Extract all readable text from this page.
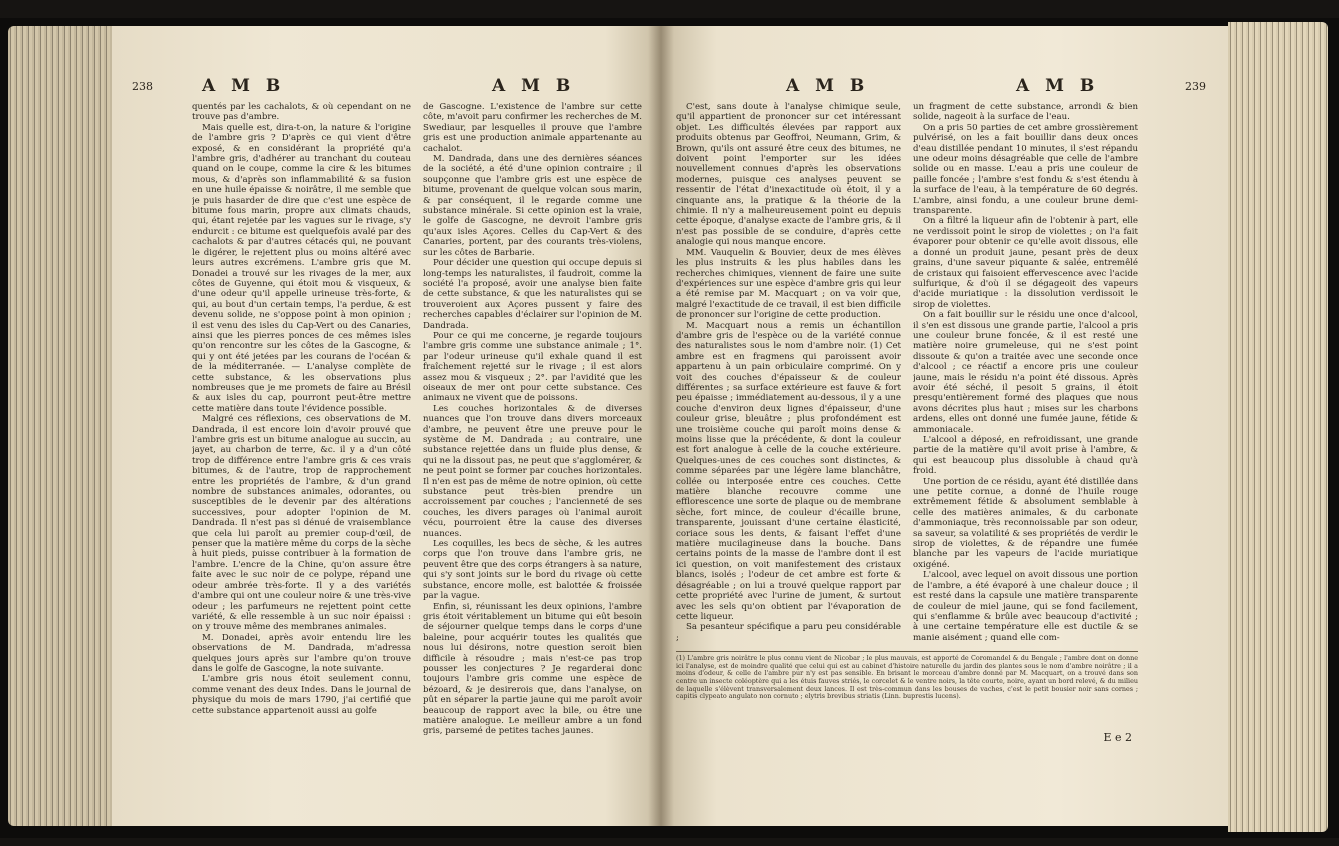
238	A M B	A M B

quentés par les cachalots, & où cependant on ne trouve pas d'ambre.

Mais quelle est, dira-t-on, la nature & l'origine de l'ambre gris ? D'après ce qui vient d'être exposé, & en considérant la propriété qu'a l'ambre gris, d'adhérer au tranchant du couteau quand on le coupe, comme la cire & les bitumes mous, & d'après son inflammabilité & sa fusion en une huile épaisse & noirâtre, il me semble que je puis hasarder de dire que c'est une espèce de bitume fous marin, propre aux climats chauds, qui, étant rejetée par les vagues sur le rivage, s'y endurcit : ce bitume est quelquefois avalé par des cachalots & par d'autres cétacés qui, ne pouvant le digérer, le rejettent plus ou moins altéré avec leurs autres excrémens. L'ambre gris que M. Donadei a trouvé sur les rivages de la mer, aux côtes de Guyenne, qui étoit mou & visqueux, & d'une odeur qu'il appelle urineuse très-forte, & qui, au bout d'un certain temps, l'a perdue, & est devenu solide, ne s'oppose point à mon opinion ; il est venu des isles du Cap-Vert ou des Canaries, ainsi que les pierres ponces de ces mêmes isles qu'on rencontre sur les côtes de la Gascogne, & qui y ont été jetées par les courans de l'océan & de la méditerranée. — L'analyse complète de cette substance, & les observations plus nombreuses que je me promets de faire au Brésil & aux isles du cap, pourront peut-être mettre cette matière dans toute l'évidence possible.

Malgré ces réflexions, ces observations de M. Dandrada, il est encore loin d'avoir prouvé que l'ambre gris est un bitume analogue au succin, au jayet, au charbon de terre, &c. il y a d'un côté trop de différence entre l'ambre gris & ces vrais bitumes, & de l'autre, trop de rapprochement entre les propriétés de l'ambre, & d'un grand nombre de substances animales, odorantes, ou susceptibles de le devenir par des altérations successives, pour adopter l'opinion de M. Dandrada. Il n'est pas si dénué de vraisemblance que cela lui paroît au premier coup-d'œil, de penser que la matière même du corps de la sèche à huit pieds, puisse contribuer à la formation de l'ambre. L'encre de la Chine, qu'on assure être faite avec le suc noir de ce polype, répand une odeur ambrée très-forte. Il y a des variétés d'ambre qui ont une couleur noire & une très-vive odeur ; les parfumeurs ne rejettent point cette variété, & elle ressemble à un suc noir épaissi : on y trouve même des membranes animales.

M. Donadei, après avoir entendu lire les observations de M. Dandrada, m'adressa quelques jours après sur l'ambre qu'on trouve dans le golfe de Gascogne, la note suivante.

L'ambre gris nous étoit seulement connu, comme venant des deux Indes. Dans le journal de physique du mois de mars 1790, j'ai certifié que cette substance appartenoit aussi au golfe

de Gascogne. L'existence de l'ambre sur cette côte, m'avoit paru confirmer les recherches de M. Swediaur, par lesquelles il prouve que l'ambre gris est une production animale appartenante au cachalot.

M. Dandrada, dans une des dernières séances de la société, a été d'une opinion contraire ; il soupçonne que l'ambre gris est une espèce de bitume, provenant de quelque volcan sous marin, & par conséquent, il le regarde comme une substance minérale. Si cette opinion est la vraie, le golfe de Gascogne, ne devroit l'ambre gris qu'aux isles Açores. Celles du Cap-Vert & des Canaries, portent, par des courants très-violens, sur les côtes de Barbarie.

Pour décider une question qui occupe depuis si long-temps les naturalistes, il faudroit, comme la société l'a proposé, avoir une analyse bien faite de cette substance, & que les naturalistes qui se trouveroient aux Açores pussent y faire des recherches capables d'éclairer sur l'opinion de M. Dandrada.

Pour ce qui me concerne, je regarde toujours l'ambre gris comme une substance animale ; 1°. par l'odeur urineuse qu'il exhale quand il est fraîchement rejetté sur le rivage ; il est alors assez mou & visqueux ; 2°. par l'avidité que les oiseaux de mer ont pour cette substance. Ces animaux ne vivent que de poissons.

Les couches horizontales & de diverses nuances que l'on trouve dans divers morceaux d'ambre, ne peuvent être une preuve pour le système de M. Dandrada ; au contraire, une substance rejettée dans un fluide plus dense, & qui ne la dissout pas, ne peut que s'agglomérer, & ne peut point se former par couches horizontales. Il n'en est pas de même de notre opinion, où cette substance peut très-bien prendre un accroissement par couches ; l'ancienneté de ses couches, les divers parages où l'animal auroit vécu, pourroient être la cause des diverses nuances.

Les coquilles, les becs de sèche, & les autres corps que l'on trouve dans l'ambre gris, ne peuvent être que des corps étrangers à sa nature, qui s'y sont joints sur le bord du rivage où cette substance, encore molle, est balottée & froissée par la vague.

Enfin, si, réunissant les deux opinions, l'ambre gris étoit véritablement un bitume qui eût besoin de séjourner quelque temps dans le corps d'une baleine, pour acquérir toutes les qualités que nous lui désirons, notre question seroit bien difficile à résoudre ; mais n'est-ce pas trop pousser les conjectures ? Je regarderai donc toujours l'ambre gris comme une espèce de bézoard, & je desirerois que, dans l'analyse, on pût en séparer la partie jaune qui me paroît avoir beaucoup de rapport avec la bile, ou être une matière analogue. Le meilleur ambre a un fond gris, parsemé de petites taches jaunes.

A M B	A M B	239

C'est, sans doute à l'analyse chimique seule, qu'il appartient de prononcer sur cet intéressant objet. Les difficultés élevées par rapport aux produits obtenus par Geoffroi, Neumann, Grim, & Brown, qu'ils ont assuré être ceux des bitumes, ne doivent point l'emporter sur les idées nouvellement connues d'après les observations modernes, puisque ces analyses peuvent se ressentir de l'état d'inexactitude où étoit, il y a cinquante ans, la pratique & la théorie de la chimie. Il n'y a malheureusement point eu depuis cette époque, d'analyse exacte de l'ambre gris, & il n'est pas possible de se conduire, d'après cette analogie qui nous manque encore.

MM. Vauquelin & Bouvier, deux de mes élèves les plus instruits & les plus habiles dans les recherches chimiques, viennent de faire une suite d'expériences sur une espèce d'ambre gris qui leur a été remise par M. Macquart ; on va voir que, malgré l'exactitude de ce travail, il est bien difficile de prononcer sur l'origine de cette production.

M. Macquart nous a remis un échantillon d'ambre gris de l'espèce ou de la variété connue des naturalistes sous le nom d'ambre noir. (1) Cet ambre est en fragmens qui paroissent avoir appartenu à un pain orbiculaire comprimé. On y voit des couches d'épaisseur & de couleur différentes ; sa surface extérieure est fauve & fort peu épaisse ; immédiatement au-dessous, il y a une couche d'environ deux lignes d'épaisseur, d'une couleur grise, bleuâtre ; plus profondément est une troisième couche qui paroît moins dense & moins lisse que la précédente, & dont la couleur est fort analogue à celle de la couche extérieure. Quelques-unes de ces couches sont distinctes, & comme séparées par une légère lame blanchâtre, collée ou interposée entre ces couches. Cette matière blanche recouvre comme une efflorescence une sorte de plaque ou de membrane sèche, fort mince, de couleur d'écaille brune, transparente, jouissant d'une certaine élasticité, coriace sous les dents, & faisant l'effet d'une matière mucilagineuse dans la bouche. Dans certains points de la masse de l'ambre dont il est ici question, on voit manifestement des cristaux blancs, isolés ; l'odeur de cet ambre est forte & désagréable ; on lui a trouvé quelque rapport par cette propriété avec l'urine de jument, & surtout avec les sels qu'on obtient par l'évaporation de cette liqueur.

Sa pesanteur spécifique a paru peu considérable ;

un fragment de cette substance, arrondi & bien solide, nageoit à la surface de l'eau.

On a pris 50 parties de cet ambre grossièrement pulvérisé, on les a fait bouillir dans deux onces d'eau distillée pendant 10 minutes, il s'est répandu une odeur moins désagréable que celle de l'ambre solide ou en masse. L'eau a pris une couleur de paille foncée ; l'ambre s'est fondu & s'est étendu à la surface de l'eau, à la température de 60 degrés. L'ambre, ainsi fondu, a une couleur brune demi-transparente.

On a filtré la liqueur afin de l'obtenir à part, elle ne verdissoit point le sirop de violettes ; on l'a fait évaporer pour obtenir ce qu'elle avoit dissous, elle a donné un produit jaune, pesant près de deux grains, d'une saveur piquante & salée, entremêlé de cristaux qui faisoient effervescence avec l'acide sulfurique, & d'où il se dégageoit des vapeurs d'acide muriatique : la dissolution verdissoit le sirop de violettes.

On a fait bouillir sur le résidu une once d'alcool, il s'en est dissous une grande partie, l'alcool a pris une couleur brune foncée, & il est resté une matière noire grumeleuse, qui ne s'est point dissoute & qu'on a traitée avec une seconde once d'alcool ; ce réactif a encore pris une couleur jaune, mais le résidu n'a point été dissous. Après avoir été séché, il pesoit 5 grains, il étoit presqu'entièrement formé des plaques que nous avons décrites plus haut ; mises sur les charbons ardens, elles ont donné une fumée jaune, fétide & ammoniacale.

L'alcool a déposé, en refroidissant, une grande partie de la matière qu'il avoit prise à l'ambre, & qui est beaucoup plus dissoluble à chaud qu'à froid.

Une portion de ce résidu, ayant été distillée dans une petite cornue, a donné de l'huile rouge extrêmement fétide & absolument semblable à celle des matières animales, & du carbonate d'ammoniaque, très reconnoissable par son odeur, sa saveur, sa volatilité & ses propriétés de verdir le sirop de violettes, & de répandre une fumée blanche par les vapeurs de l'acide muriatique oxigéné.

L'alcool, avec lequel on avoit dissous une portion de l'ambre, a été évaporé à une chaleur douce ; il est resté dans la capsule une matière transparente de couleur de miel jaune, qui se fond facilement, qui s'enflamme & brûle avec beaucoup d'activité ; à une certaine température elle est ductile & se manie aisément ; quand elle com-

(1) L'ambre gris noirâtre le plus connu vient de Nicobar ; le plus mauvais, est apporté de Coromandel & du Bengale ; l'ambre dont on donne ici l'analyse, est de moindre qualité que celui qui est au cabinet d'histoire naturelle du jardin des plantes sous le nom d'ambre noirâtre ; il a moins d'odeur, & celle de l'ambre pur n'y est pas sensible. En brisant le morceau d'ambre donné par M. Macquart, on a trouvé dans son centre un insecte coléoptère qui a les étuis fauves striés, le corcelet & le ventre noirs, la tête courte, noire, ayant un bord relevé, & du milieu de laquelle s'élèvent transversalement deux lances. Il est très-commun dans les bouses de vaches, c'est le petit bousier noir sans cornes ; capitis clypeato angulato non cornuto ; elytris brevibus striatis (Linn. buprestis lucens).
E e 2
